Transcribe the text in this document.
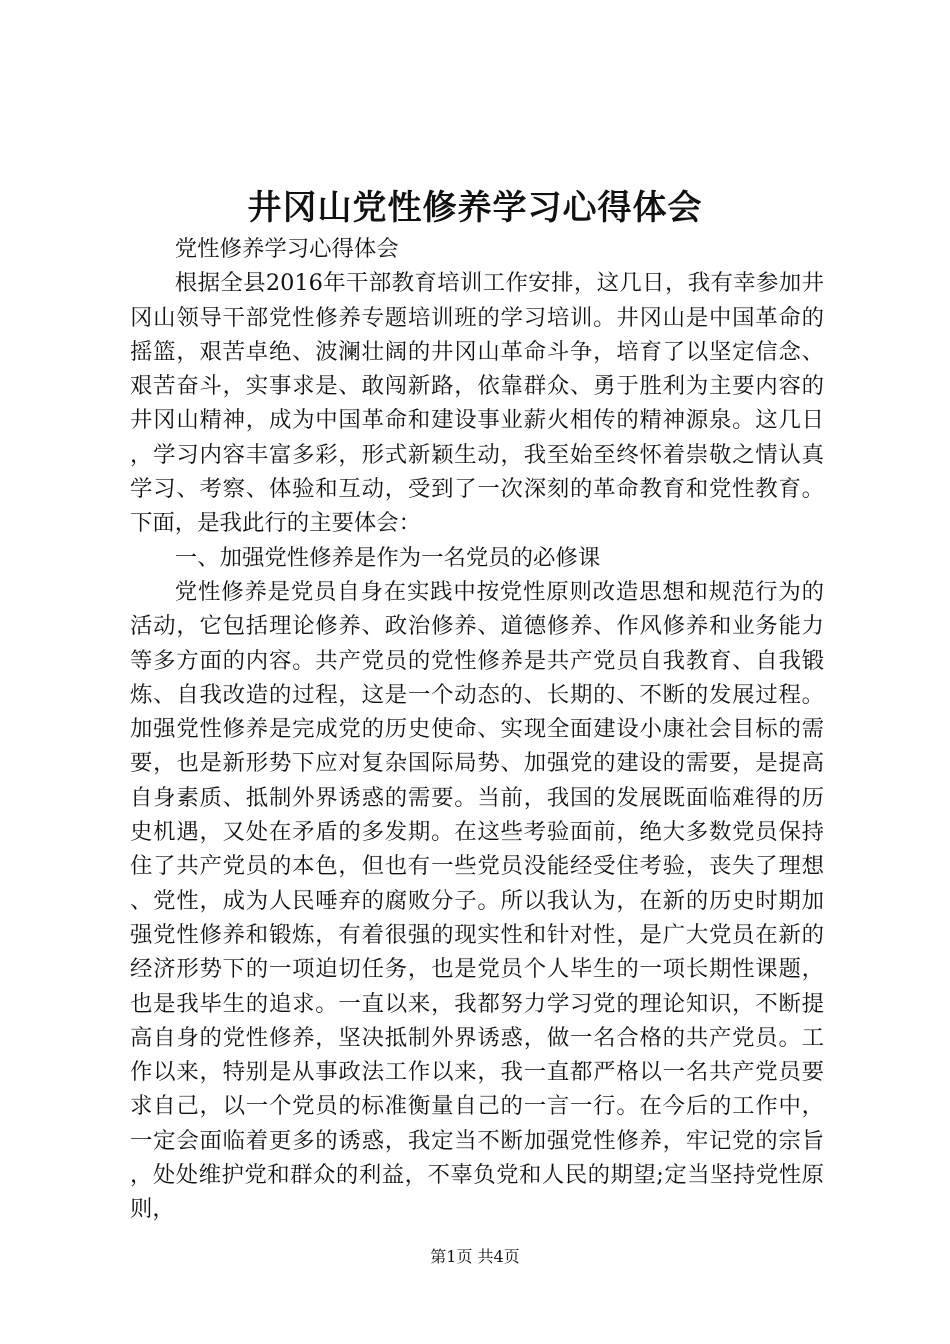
井冈山党性修养学习心得体会

党性修养学习心得体会

根据全县2016年干部教育培训工作安排，这几日，我有幸参加井冈山领导干部党性修养专题培训班的学习培训。井冈山是中国革命的摇篮，艰苦卓绝、波澜壮阔的井冈山革命斗争，培育了以坚定信念、艰苦奋斗，实事求是、敢闯新路，依靠群众、勇于胜利为主要内容的井冈山精神，成为中国革命和建设事业薪火相传的精神源泉。这几日，学习内容丰富多彩，形式新颖生动，我至始至终怀着崇敬之情认真学习、考察、体验和互动，受到了一次深刻的革命教育和党性教育。下面，是我此行的主要体会：

一、加强党性修养是作为一名党员的必修课

党性修养是党员自身在实践中按党性原则改造思想和规范行为的活动，它包括理论修养、政治修养、道德修养、作风修养和业务能力等多方面的内容。共产党员的党性修养是共产党员自我教育、自我锻炼、自我改造的过程，这是一个动态的、长期的、不断的发展过程。加强党性修养是完成党的历史使命、实现全面建设小康社会目标的需要，也是新形势下应对复杂国际局势、加强党的建设的需要，是提高自身素质、抵制外界诱惑的需要。当前，我国的发展既面临难得的历史机遇，又处在矛盾的多发期。在这些考验面前，绝大多数党员保持住了共产党员的本色，但也有一些党员没能经受住考验，丧失了理想、党性，成为人民唾弃的腐败分子。所以我认为，在新的历史时期加强党性修养和锻炼，有着很强的现实性和针对性，是广大党员在新的经济形势下的一项迫切任务，也是党员个人毕生的一项长期性课题，也是我毕生的追求。一直以来，我都努力学习党的理论知识，不断提高自身的党性修养，坚决抵制外界诱惑，做一名合格的共产党员。工作以来，特别是从事政法工作以来，我一直都严格以一名共产党员要求自己，以一个党员的标准衡量自己的一言一行。在今后的工作中，一定会面临着更多的诱惑，我定当不断加强党性修养，牢记党的宗旨，处处维护党和群众的利益，不辜负党和人民的期望;定当坚持党性原则，

第1页 共4页
